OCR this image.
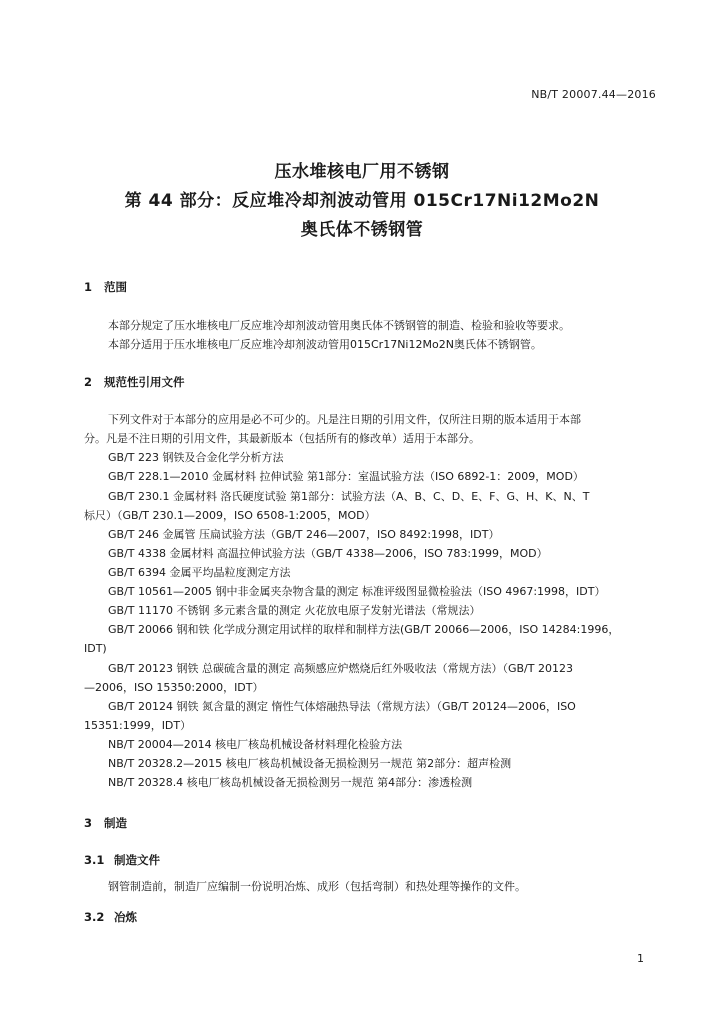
NB/T 20007.44—2016
压水堆核电厂用不锈钢
第 44 部分：反应堆冷却剂波动管用 015Cr17Ni12Mo2N
奥氏体不锈钢管
1 范围
本部分规定了压水堆核电厂反应堆冷却剂波动管用奥氏体不锈钢管的制造、检验和验收等要求。
本部分适用于压水堆核电厂反应堆冷却剂波动管用015Cr17Ni12Mo2N奥氏体不锈钢管。
2 规范性引用文件
下列文件对于本部分的应用是必不可少的。凡是注日期的引用文件，仅所注日期的版本适用于本部
分。凡是不注日期的引用文件，其最新版本（包括所有的修改单）适用于本部分。
GB/T 223 钢铁及合金化学分析方法
GB/T 228.1—2010 金属材料 拉伸试验 第1部分：室温试验方法（ISO 6892-1：2009，MOD）
GB/T 230.1 金属材料 洛氏硬度试验 第1部分：试验方法（A、B、C、D、E、F、G、H、K、N、T
标尺）（GB/T 230.1—2009，ISO 6508-1:2005，MOD）
GB/T 246 金属管 压扁试验方法（GB/T 246—2007，ISO 8492:1998，IDT）
GB/T 4338 金属材料 高温拉伸试验方法（GB/T 4338—2006，ISO 783:1999，MOD）
GB/T 6394 金属平均晶粒度测定方法
GB/T 10561—2005 钢中非金属夹杂物含量的测定 标准评级图显微检验法（ISO 4967:1998，IDT）
GB/T 11170 不锈钢 多元素含量的测定 火花放电原子发射光谱法（常规法）
GB/T 20066 钢和铁 化学成分测定用试样的取样和制样方法(GB/T 20066—2006，ISO 14284:1996，
IDT)
GB/T 20123 钢铁 总碳硫含量的测定 高频感应炉燃烧后红外吸收法（常规方法）（GB/T 20123
—2006，ISO 15350:2000，IDT）
GB/T 20124 钢铁 氮含量的测定 惰性气体熔融热导法（常规方法）（GB/T 20124—2006，ISO
15351:1999，IDT）
NB/T 20004—2014 核电厂核岛机械设备材料理化检验方法
NB/T 20328.2—2015 核电厂核岛机械设备无损检测另一规范 第2部分：超声检测
NB/T 20328.4 核电厂核岛机械设备无损检测另一规范 第4部分：渗透检测
3 制造
3.1 制造文件
钢管制造前，制造厂应编制一份说明冶炼、成形（包括弯制）和热处理等操作的文件。
3.2 冶炼
1
